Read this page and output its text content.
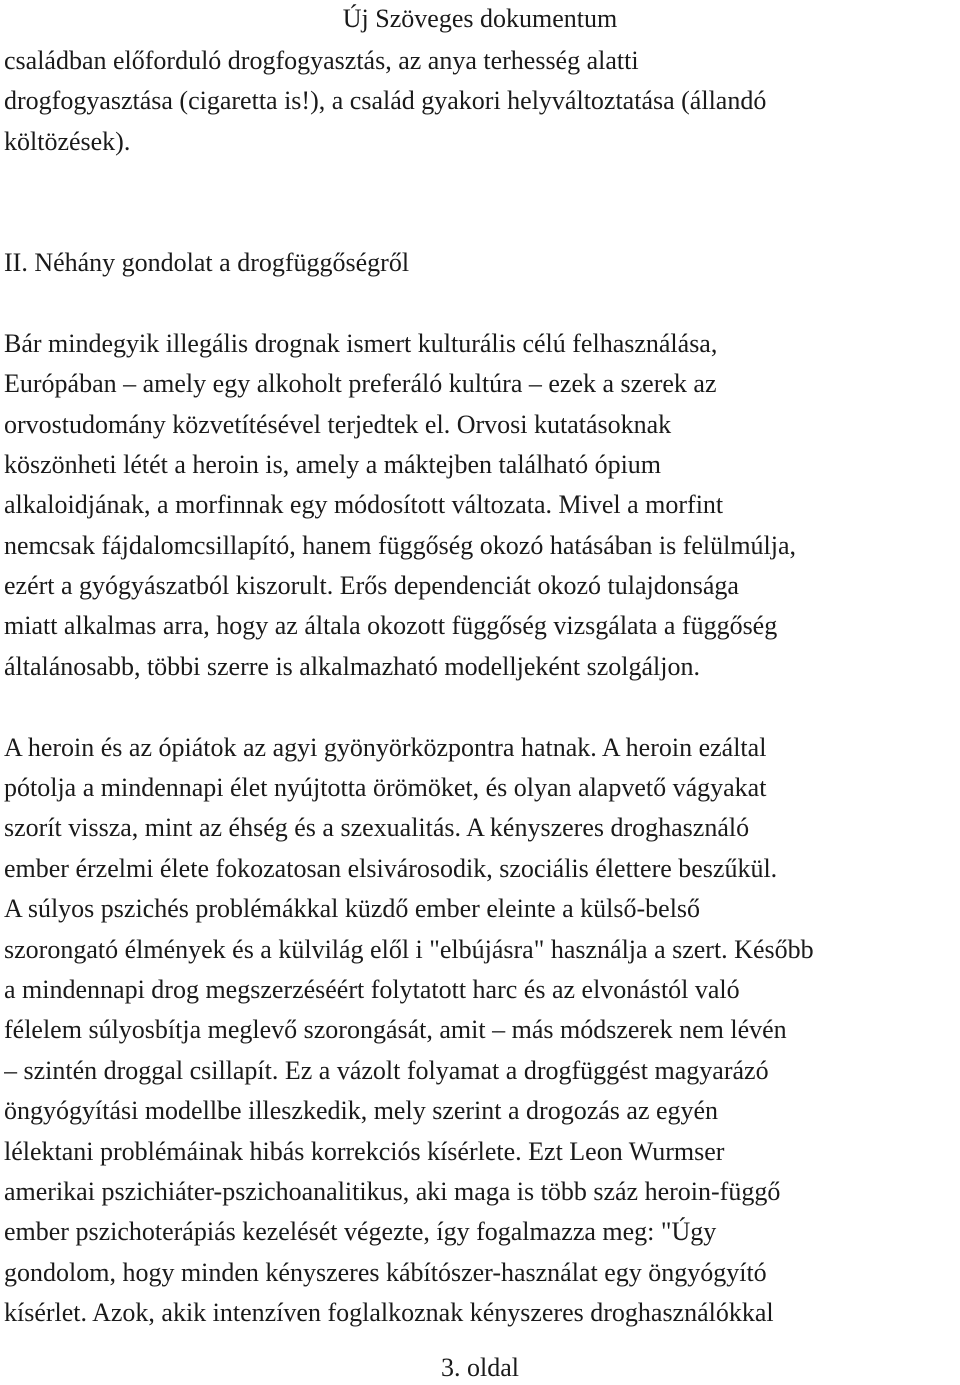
Új Szöveges dokumentum
családban előforduló drogfogyasztás, az anya terhesség alatti
drogfogyasztása (cigaretta is!), a család gyakori helyváltoztatása (állandó
költözések).
II. Néhány gondolat a drogfüggőségről
Bár mindegyik illegális drognak ismert kulturális célú felhasználása,
Európában – amely egy alkoholt preferáló kultúra – ezek a szerek az
orvostudomány közvetítésével terjedtek el. Orvosi kutatásoknak
köszönheti létét a heroin is, amely a máktejben található ópium
alkaloidjának, a morfinnak egy módosított változata. Mivel a morfint
nemcsak fájdalomcsillapító, hanem függőség okozó hatásában is felülmúlja,
ezért a gyógyászatból kiszorult. Erős dependenciát okozó tulajdonsága
miatt alkalmas arra, hogy az általa okozott függőség vizsgálata a függőség
általánosabb, többi szerre is alkalmazható modelljeként szolgáljon.
A heroin és az ópiátok az agyi gyönyörközpontra hatnak. A heroin ezáltal
pótolja a mindennapi élet nyújtotta örömöket, és olyan alapvető vágyakat
szorít vissza, mint az éhség és a szexualitás. A kényszeres droghasználó
ember érzelmi élete fokozatosan elsivárosodik, szociális élettere beszűkül.
A súlyos pszichés problémákkal küzdő ember eleinte a külső-belső
szorongató élmények és a külvilág elől i "elbújásra" használja a szert. Később
a mindennapi drog megszerzéséért folytatott harc és az elvonástól való
félelem súlyosbítja meglevő szorongását, amit – más módszerek nem lévén
– szintén droggal csillapít. Ez a vázolt folyamat a drogfüggést magyarázó
öngyógyítási modellbe illeszkedik, mely szerint a drogozás az egyén
lélektani problémáinak hibás korrekciós kísérlete. Ezt Leon Wurmser
amerikai pszichiáter-pszichoanalitikus, aki maga is több száz heroin-függő
ember pszichoterápiás kezelését végezte, így fogalmazza meg: "Úgy
gondolom, hogy minden kényszeres kábítószer-használat egy öngyógyító
kísérlet. Azok, akik intenzíven foglalkoznak kényszeres droghasználókkal
3. oldal
